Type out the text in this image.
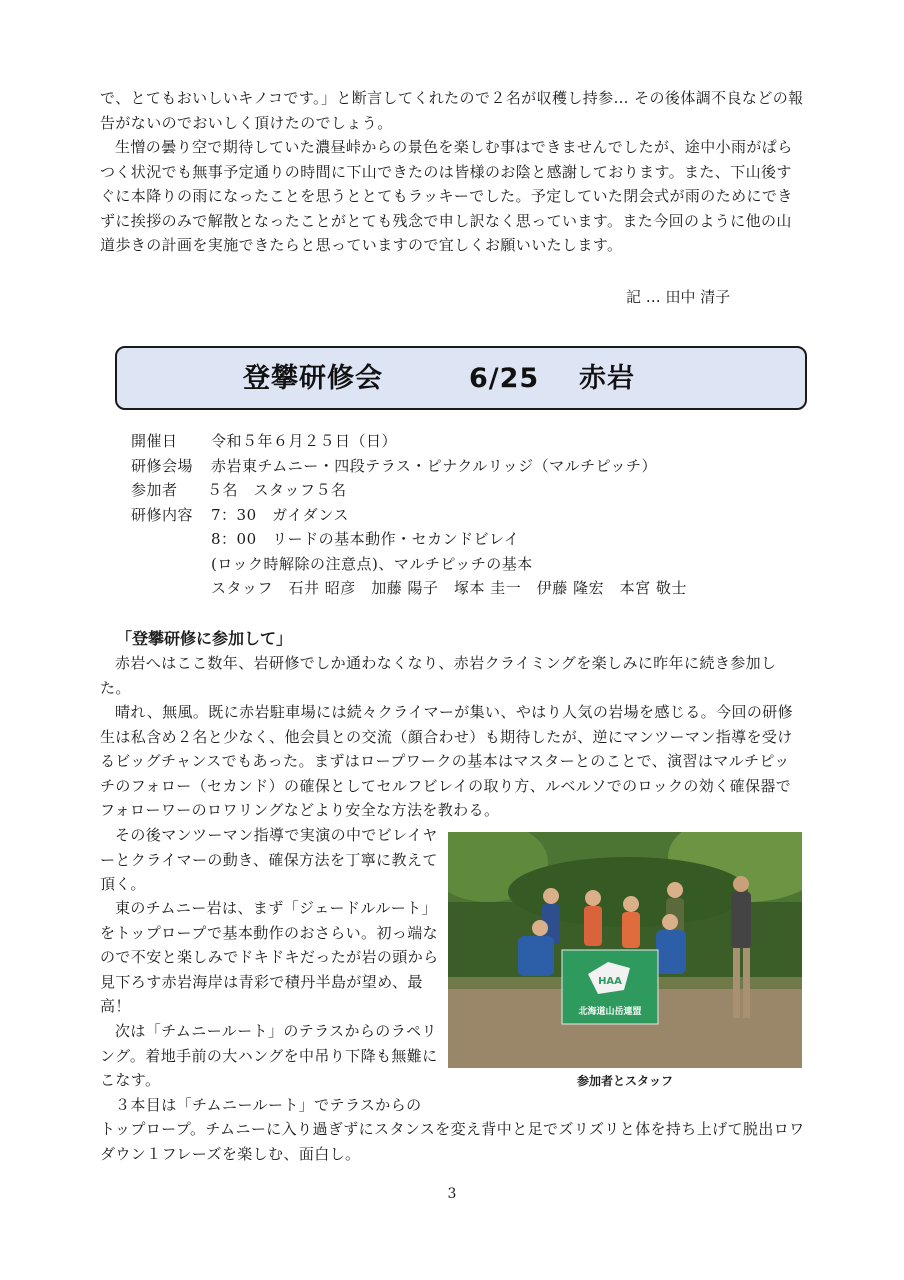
で、とてもおいしいキノコです。」と断言してくれたので２名が収穫し持参… その後体調不良などの報告がないのでおいしく頂けたのでしょう。

生憎の曇り空で期待していた濃昼峠からの景色を楽しむ事はできませんでしたが、途中小雨がぱらつく状況でも無事予定通りの時間に下山できたのは皆様のお陰と感謝しております。また、下山後すぐに本降りの雨になったことを思うととてもラッキーでした。予定していた閉会式が雨のためにできずに挨拶のみで解散となったことがとても残念で申し訳なく思っています。また今回のように他の山道歩きの計画を実施できたらと思っていますので宜しくお願いいたします。

記 … 田中 清子

登攀研修会	6/25 赤岩
開催日 令和５年６月２５日（日）
研修会場 赤岩東チムニー・四段テラス・ピナクルリッジ（マルチピッチ）
参加者 ５名　スタッフ５名
研修内容 7：30　ガイダンス
8：00　リードの基本動作・セカンドビレイ
(ロック時解除の注意点)、マルチピッチの基本
スタッフ　石井 昭彦　加藤 陽子　塚本 圭一　伊藤 隆宏　本宮 敬士

「登攀研修に参加して」

赤岩へはここ数年、岩研修でしか通わなくなり、赤岩クライミングを楽しみに昨年に続き参加した。

晴れ、無風。既に赤岩駐車場には続々クライマーが集い、やはり人気の岩場を感じる。今回の研修生は私含め２名と少なく、他会員との交流（顔合わせ）も期待したが、逆にマンツーマン指導を受けるビッグチャンスでもあった。まずはロープワークの基本はマスターとのことで、演習はマルチピッチのフォロー（セカンド）の確保としてセルフビレイの取り方、ルベルソでのロックの効く確保器でフォローワーのロワリングなどより安全な方法を教わる。

その後マンツーマン指導で実演の中でビレイヤーとクライマーの動き、確保方法を丁寧に教えて頂く。

東のチムニー岩は、まず「ジェードルルート」をトップロープで基本動作のおさらい。初っ端なので不安と楽しみでドキドキだったが岩の頭から見下ろす赤岩海岸は青彩で積丹半島が望め、最高！

次は「チムニールート」のテラスからのラペリング。着地手前の大ハングを中吊り下降も無難にこなす。

３本目は「チムニールート」でテラスからの

トップロープ。チムニーに入り過ぎずにスタンスを変え背中と足でズリズリと体を持ち上げて脱出ロワダウン１フレーズを楽しむ、面白し。

HAA
北海道山岳連盟

参加者とスタッフ

3
